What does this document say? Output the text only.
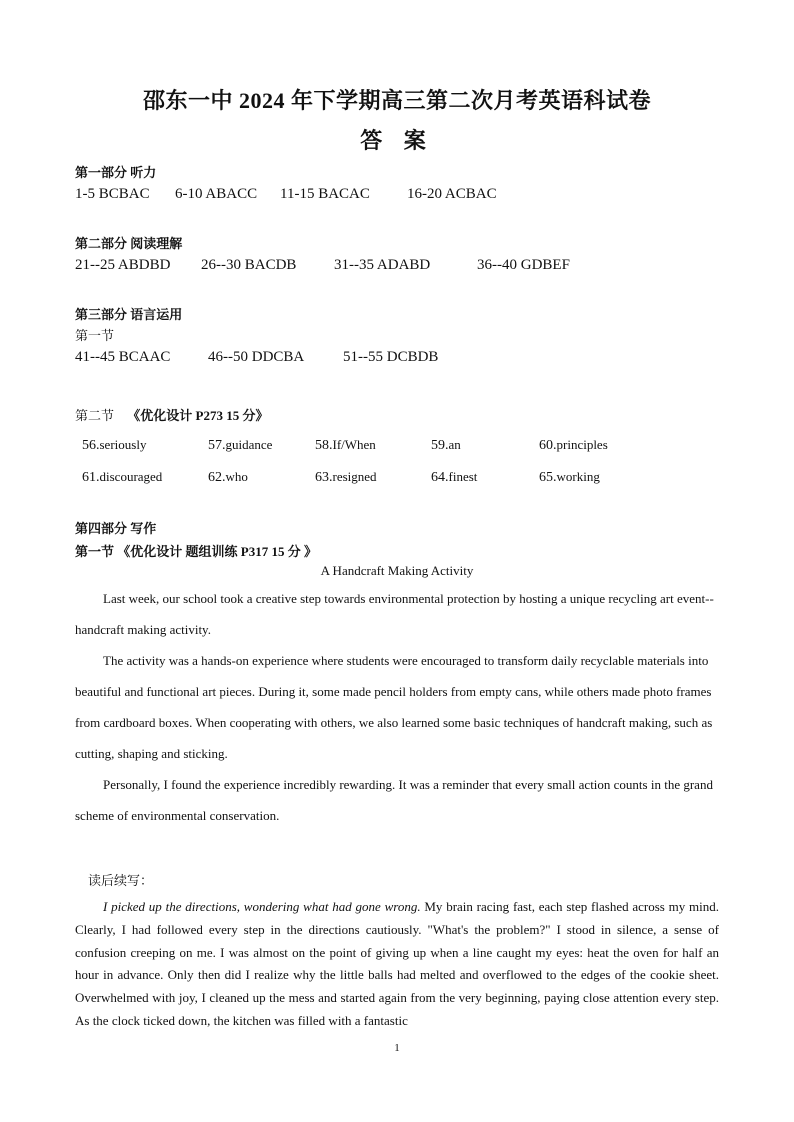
邵东一中 2024 年下学期高三第二次月考英语科试卷
答 案
第一部分 听力
1-5 BCBAC 6-10 ABACC 11-15 BACAC 16-20 ACBAC
第二部分 阅读理解
21--25 ABDBD 26--30 BACDB	31--35 ADABD	36--40 GDBEF
第三部分 语言运用
第一节
41--45 BCAAC	46--50 DDCBA	51--55 DCBDB
第二节 《优化设计 P273 15 分》
56.seriously	57.guidance	58.If/When	59.an	60.principles
61.discouraged	62.who	63.resigned	64.finest	65.working
第四部分 写作
第一节 《优化设计 题组训练 P317 15 分 》
A Handcraft Making Activity

Last week, our school took a creative step towards environmental protection by hosting a unique recycling art event--handcraft making activity.

The activity was a hands-on experience where students were encouraged to transform daily recyclable materials into beautiful and functional art pieces. During it, some made pencil holders from empty cans, while others made photo frames from cardboard boxes. When cooperating with others, we also learned some basic techniques of handcraft making, such as cutting, shaping and sticking.

Personally, I found the experience incredibly rewarding. It was a reminder that every small action counts in the grand scheme of environmental conservation.

读后续写：

I picked up the directions, wondering what had gone wrong. My brain racing fast, each step flashed across my mind. Clearly, I had followed every step in the directions cautiously. "What's the problem?" I stood in silence, a sense of confusion creeping on me. I was almost on the point of giving up when a line caught my eyes: heat the oven for half an hour in advance. Only then did I realize why the little balls had melted and overflowed to the edges of the cookie sheet. Overwhelmed with joy, I cleaned up the mess and started again from the very beginning, paying close attention every step. As the clock ticked down, the kitchen was filled with a fantastic

1
